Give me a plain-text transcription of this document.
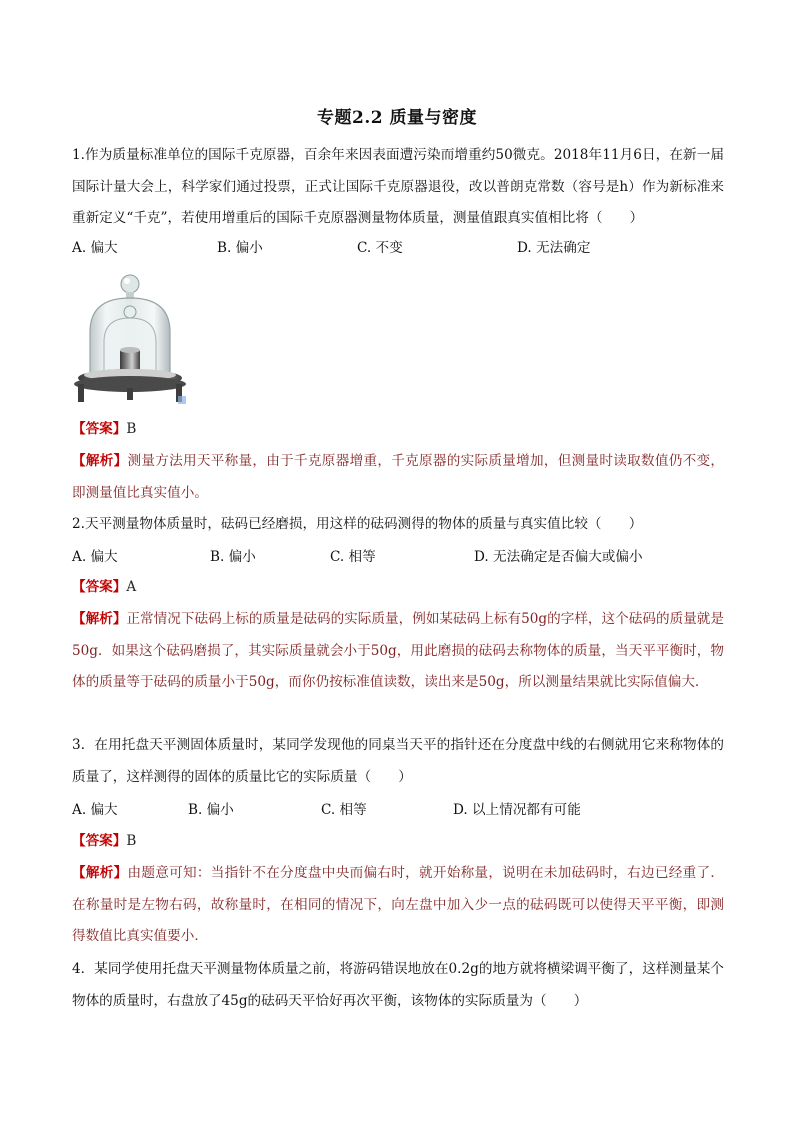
专题2.2 质量与密度
1.作为质量标准单位的国际千克原器，百余年来因表面遭污染而增重约50微克。2018年11月6日，在新一届国际计量大会上，科学家们通过投票，正式让国际千克原器退役，改以普朗克常数（容号是h）作为新标准来重新定义“千克”，若使用增重后的国际千克原器测量物体质量，测量值跟真实值相比将（　　）
A. 偏大	B. 偏小	C. 不变	D. 无法确定
【答案】B
【解析】测量方法用天平称量，由于千克原器增重，千克原器的实际质量增加，但测量时读取数值仍不变，即测量值比真实值小。
2.天平测量物体质量时，砝码已经磨损，用这样的砝码测得的物体的质量与真实值比较（　　）
A. 偏大	B. 偏小	C. 相等	D. 无法确定是否偏大或偏小
【答案】A
【解析】正常情况下砝码上标的质量是砝码的实际质量，例如某砝码上标有50g的字样，这个砝码的质量就是50g．如果这个砝码磨损了，其实际质量就会小于50g，用此磨损的砝码去称物体的质量，当天平平衡时，物体的质量等于砝码的质量小于50g，而你仍按标准值读数，读出来是50g，所以测量结果就比实际值偏大．
3．在用托盘天平测固体质量时，某同学发现他的同桌当天平的指针还在分度盘中线的右侧就用它来称物体的质量了，这样测得的固体的质量比它的实际质量（　　）
A. 偏大	B. 偏小	C. 相等	D. 以上情况都有可能
【答案】B
【解析】由题意可知：当指针不在分度盘中央而偏右时，就开始称量，说明在未加砝码时，右边已经重了．在称量时是左物右码，故称量时，在相同的情况下，向左盘中加入少一点的砝码既可以使得天平平衡，即测得数值比真实值要小．
4．某同学使用托盘天平测量物体质量之前，将游码错误地放在0.2g的地方就将横梁调平衡了，这样测量某个物体的质量时，右盘放了45g的砝码天平恰好再次平衡，该物体的实际质量为（　　）
